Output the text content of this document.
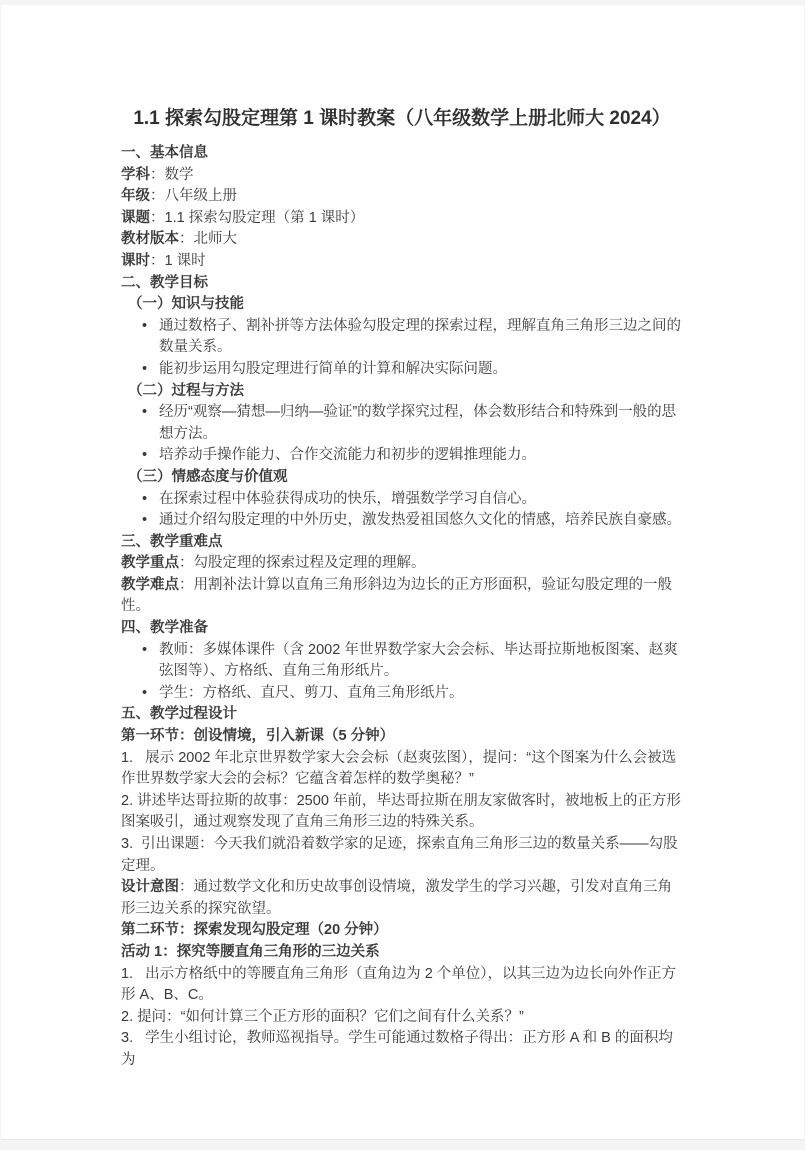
1.1 探索勾股定理第 1 课时教案（八年级数学上册北师大 2024）

一、基本信息

学科：数学

年级：八年级上册

课题：1.1 探索勾股定理（第 1 课时）

教材版本：北师大

课时：1 课时

二、教学目标

（一）知识与技能

• 通过数格子、割补拼等方法体验勾股定理的探索过程，理解直角三角形三边之间的数量关系。

• 能初步运用勾股定理进行简单的计算和解决实际问题。

（二）过程与方法

• 经历“观察—猜想—归纳—验证”的数学探究过程，体会数形结合和特殊到一般的思想方法。

• 培养动手操作能力、合作交流能力和初步的逻辑推理能力。

（三）情感态度与价值观

• 在探索过程中体验获得成功的快乐，增强数学学习自信心。

• 通过介绍勾股定理的中外历史，激发热爱祖国悠久文化的情感，培养民族自豪感。

三、教学重难点

教学重点：勾股定理的探索过程及定理的理解。

教学难点：用割补法计算以直角三角形斜边为边长的正方形面积，验证勾股定理的一般性。

四、教学准备

• 教师：多媒体课件（含 2002 年世界数学家大会会标、毕达哥拉斯地板图案、赵爽弦图等）、方格纸、直角三角形纸片。

• 学生：方格纸、直尺、剪刀、直角三角形纸片。

五、教学过程设计

第一环节：创设情境，引入新课（5 分钟）

1.   展示 2002 年北京世界数学家大会会标（赵爽弦图），提问：“这个图案为什么会被选作世界数学家大会的会标？它蕴含着怎样的数学奥秘？”

2. 讲述毕达哥拉斯的故事：2500 年前，毕达哥拉斯在朋友家做客时，被地板上的正方形图案吸引，通过观察发现了直角三角形三边的特殊关系。

3.  引出课题：今天我们就沿着数学家的足迹，探索直角三角形三边的数量关系——勾股定理。

设计意图：通过数学文化和历史故事创设情境，激发学生的学习兴趣，引发对直角三角形三边关系的探究欲望。

第二环节：探索发现勾股定理（20 分钟）

活动 1：探究等腰直角三角形的三边关系

1.   出示方格纸中的等腰直角三角形（直角边为 2 个单位），以其三边为边长向外作正方形 A、B、C。

2. 提问：“如何计算三个正方形的面积？它们之间有什么关系？”

3.   学生小组讨论，教师巡视指导。学生可能通过数格子得出：正方形 A 和 B 的面积均为
